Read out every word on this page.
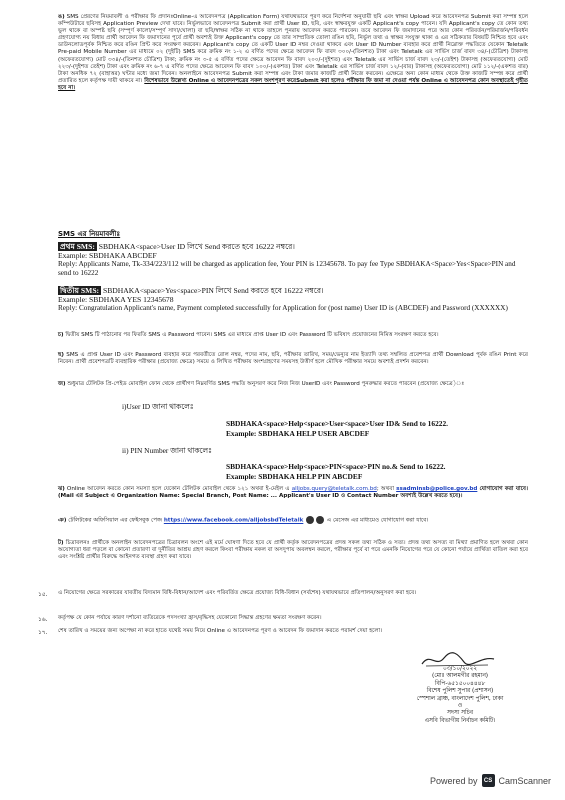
ঙ) SMS প্রেরণের নিয়মাবলী ও পরীক্ষার ফি প্রদানঃOnline-এ আবেদনপত্র (Application Form) যথাযথভাবে পূরণ করে নির্দেশনা অনুযায়ী ছবি এবং স্বাক্ষর Upload করে আবেদনপত্র Submit করা সম্পন্ন হলে কম্পিউটারে ছবিসহ Application Preview দেখা যাবে। নির্ভুলভাবে আবেদনপত্র Submit করা প্রার্থী User ID, ছবি, এবং স্বাক্ষরযুক্ত একটি Applicant's copy পাবেন। যদি Applicant's copy তে কোন তথ্য ভুল থাকে বা অস্পষ্ট ছবি (সম্পূর্ণ কালো/সম্পূর্ণ সাদা/ঘোলা) বা ছবি/স্বাক্ষর সঠিক না থাকে তাহলে পুনরায় আবেদন করতে পারবেন। তবে আবেদন ফি জমাদানের পরে আর কোন পরিবর্তন/পরিমার্জন/পরিবর্ধন গ্রহণযোগ্য নয় বিধায় প্রার্থী আবেদন ফি জমাদানের পূর্বে প্রার্থী অবশ্যই উক্ত Applicant's copy তে তার সাম্প্রতিক তোলা রঙিন ছবি, নির্ভুল তথ্য ও স্বাক্ষর সংযুক্ত থাকা ও এর সঠিকতার বিষয়টি নিশ্চিত হবে এবং ডাউনলোডপূর্বক নিশ্চিত করে রঙিন প্রিন্ট করে সংরক্ষণ করবেন। Applicant's copy তে একটি User ID নম্বর দেওয়া থাকবে এবং User ID Number ব্যবহার করে প্রার্থী নিম্নোক্ত পদ্ধতিতে যেকোন Teletalk Pre-paid Mobile Number এর মাধ্যমে ০২ (দুইটি) SMS করে ক্রমিক নং ১-২ এ বর্ণিত পদের ক্ষেত্রে আবেদন ফি বাবদ ৩০০/-(তিনশত) টাকা এবং Teletalk এর সার্ভিস চার্জ বাবদ ৩৪/-(চৌত্রিশ) টাকাসহ (অফেরতযোগ্য) মোট ৩৩৪/-(তিনশত চৌত্রিশ) টাকা; ক্রমিক নং ৩-৫ এ বর্ণিত পদের ক্ষেত্রে আবেদন ফি বাবদ ২০০/-(দুইশত) এবং Teletalk এর সার্ভিস চার্জ বাবদ ২৩/-(তেইশ) টাকাসহ (অফেরতযোগ্য) মোট ২২৩/-(দুইশত তেইশ) টাকা এবং ক্রমিক নং ৬-৭ এ বর্ণিত পদের ক্ষেত্রে আবেদন ফি বাবদ ১০০/-(একশত) টাকা এবং Teletalk এর সার্ভিস চার্জ বাবদ ১২/-(বার) টাকাসহ (অফেরতযোগ্য) মোট ১১২/-(একশত বার) টাকা অনধিক ৭২ (বাহাত্তর) ঘন্টার মধ্যে জমা দিবেন। অনলাইনে আবেদনপত্র Submit করা সম্পন্ন এবং টাকা জমার কাজটি প্রার্থী নিজে করবেন। এক্ষেত্রে অন্য কোন মাধ্যম থেকে উক্ত কাজটি সম্পন্ন করে প্রার্থী প্রতারিত হলে কর্তৃপক্ষ দায়ী থাকবে না। বিশেষভাবে উল্লেখ্য Online এ আবেদনপত্রের সকল অংশপূরণ করেSubmit করা হলেও পরীক্ষার ফি জমা না দেওয়া পর্যন্ত Online এ আবেদনপত্র কোন অবস্থাতেই গৃহীত হবে না।
SMS এর নিয়মাবলীঃ
প্রথম SMS: SBDHAKA<space>User ID লিখে Send করতে হবে 16222 নম্বরে।
Example: SBDHAKA ABCDEF
Reply: Applicants Name, Tk-334/223/112 will be charged as application fee, Your PIN is 12345678. To pay fee Type SBDHAKA<Space>Yes<Space>PIN and send to 16222
দ্বিতীয় SMS: SBDHAKA<space>Yes<space>PIN লিখে Send করতে হবে 16222 নম্বরে।
Example: SBDHAKA YES 12345678
Reply: Congratulation Applicant's name, Payment completed successfully for Application for (post name) User ID is (ABCDEF) and Password (XXXXXX)
চ) দ্বিতীয় SMS টি পাঠানোর পর ফিরতি SMS এ Password পাবেন। SMS এর মাধ্যমে প্রাপ্ত User ID এবং Password টি ভবিষ্যৎ প্রয়োজনের নিমিত্ত সংরক্ষণ করতে হবে।
ছ) SMS এ প্রাপ্ত User ID এবং Password ব্যবহার করে পরবর্তীতে রোল নম্বর, পদের নাম, ছবি, পরীক্ষার তারিখ, সময়/ভেন্যুর নাম ইত্যাদি তথ্য সম্বলিত প্রবেশপত্র প্রার্থী Download পূর্বক রঙিন Print করে নিবেন। প্রার্থী প্রবেশপত্রটি ব্যবহারিক পরীক্ষার (প্রযোজ্য ক্ষেত্রে) সময়ে ও লিখিত পরীক্ষায় অংশগ্রহণের সময়সহ উত্তীর্ণ হলে মৌখিক পরীক্ষার সময়ে অবশ্যই প্রদর্শন করবেন।
জ) শুধুমাত্র টেলিটক প্রি-পেইড মোবাইল ফোন থেকে প্রার্থীগণ নিম্নবর্ণিত SMS পদ্ধতি অনুসরণ করে নিজ নিজ UserID এবং Password পুনরুদ্ধার করতে পারবেন (প্রযোজ্য ক্ষেত্রে)ঃ
i)User ID জানা থাকলেঃ
SBDHAKA<space>Help<space>User<space>User ID& Send to 16222.
Example: SBDHAKA HELP USER ABCDEF
ii) PIN Number জানা থাকলেঃ
SBDHAKA<space>Help<space>PIN<space>PIN no.& Send to 16222.
Example: SBDHAKA HELP PIN ABCDEF
ঝ) Online আবেদন করতে কোন সমস্যা হলে যেকোন টেলিটক মোবাইল থেকে ১২১ অথবা ই-মেইল এ alljobs.query@teletalk.com.bd; অথবা ssadminsb@police.gov.bd যোগাযোগ করা যাবে। (Mail এর Subject এ Organization Name: Special Branch, Post Name: ... Applicant's User ID ও Contact Number অবশ্যই উল্লেখ করতে হবে)।
ঞ) টেলিটকের অফিসিয়াল এর ফেইসবুক পেজ https://www.facebook.com/alljobsbdTeletalk	এ মেসেজ এর মাধ্যমেও যোগাযোগ করা যাবে।
ট) চিত্রাবলনঃ প্রার্থীকে অনলাইন আবেদনপত্রের চিত্রাবলন অংশে এই মর্মে ঘোষণা দিতে হবে যে প্রার্থী কর্তৃক আবেদনপত্রের প্রদত্ত সকল তথ্য সঠিক ও সত্য। প্রদত্ত তথ্য অসত্য বা মিথ্যা প্রমাণিত হলে অথবা কোন অযোগ্যতা ধরা পড়লে বা কোনো প্রতারণা বা দুর্নীতির আশ্রয় গ্রহণ করলে কিংবা পরীক্ষায় নকল বা অসদুপায় অবলম্বন করলে, পরীক্ষার পূর্বে বা পরে এমনকি নিয়োগের পরে যে কোনো পর্যায়ে প্রার্থিতা বাতিল করা হবে এবং সংশ্লিষ্ট প্রার্থীর বিরুদ্ধে আইনগত ব্যবস্থা গ্রহণ করা যাবে।
১৫. এ নিয়োগের ক্ষেত্রে সরকারের যাবতীয় বিদ্যমান বিধি-বিধান/আদেশ এবং পরিবর্তিত ক্ষেত্রে প্রযোজ্য বিধি-বিধান (সর্বশেষ) যথাযথভাবে প্রতিপালন/অনুসরণ করা হবে।
১৬. কর্তৃপক্ষ যে কোন পর্যায়ে কারণ দর্শানো ব্যতিরেকে পদসংখ্যা হ্রাস/বৃদ্ধিসহ যেকোনো সিদ্ধান্ত গ্রহণের ক্ষমতা সংরক্ষণ করেন।
১৭. শেষ তারিখ ও সময়ের জন্য অপেক্ষা না করে হাতে যথেষ্ট সময় নিয়ে Online এ আবেদনপত্র পূরণ ও আবেদন ফি জমাদান করতে পরামর্শ দেয়া হলো।
০৩/১০/২০২২
(মোঃ আলমগীর রহমান)
বিপি-৬৫১৫০০৪৪৪৮
বিশেষ পুলিশ সুপার (প্রশাসন)
স্পেশাল ব্রাঞ্চ, বাংলাদেশ পুলিশ, ঢাকা
ও
সদস্য সচিব
এসবি বিভাগীয় নির্বাচন কমিটি।
Powered by	CS CamScanner
